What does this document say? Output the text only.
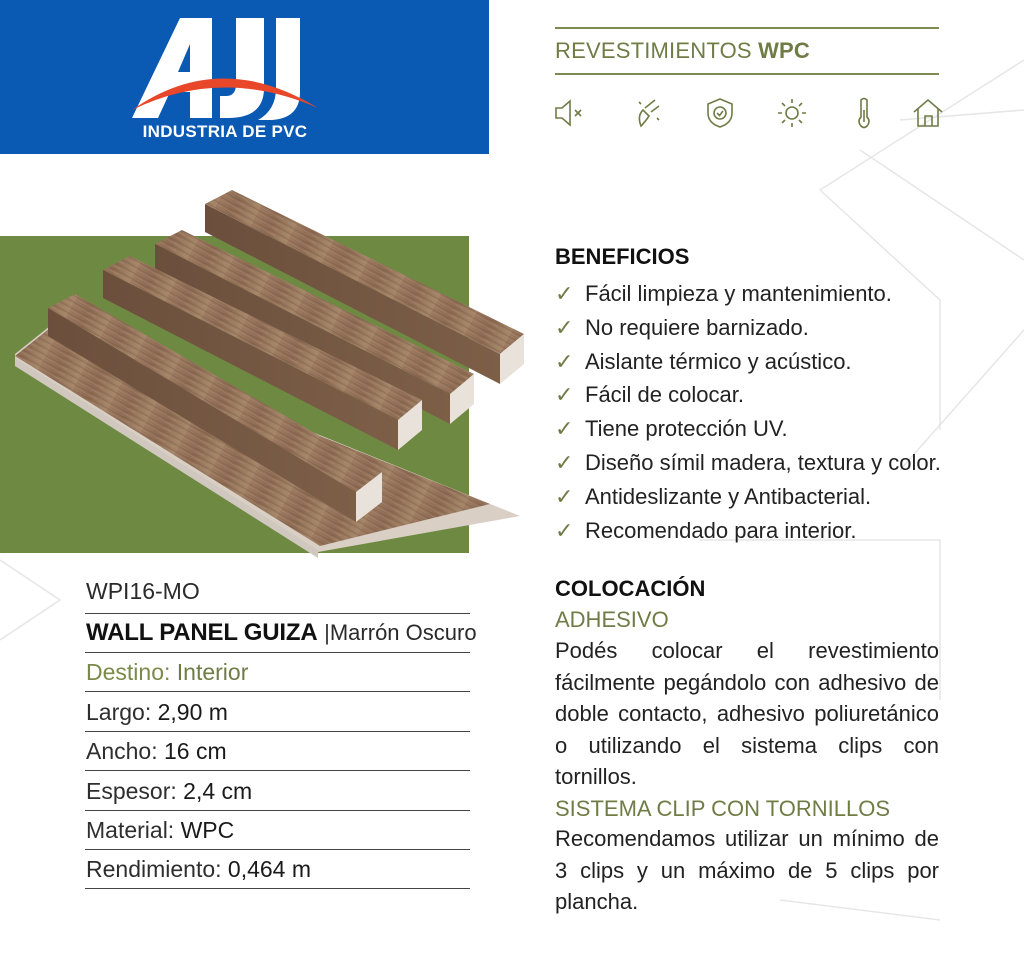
INDUSTRIA DE PVC
REVESTIMIENTOS WPC
WPI16-MO
WALL PANEL GUIZA |Marrón Oscuro
Destino: Interior
Largo: 2,90 m
Ancho: 16 cm
Espesor: 2,4 cm
Material: WPC
Rendimiento: 0,464 m
BENEFICIOS
✓ Fácil limpieza y mantenimiento.
✓ No requiere barnizado.
✓ Aislante térmico y acústico.
✓ Fácil de colocar.
✓ Tiene protección UV.
✓ Diseño símil madera, textura y color.
✓ Antideslizante y Antibacterial.
✓ Recomendado para interior.
COLOCACIÓN
ADHESIVO
Podés colocar el revestimiento fácilmente pegándolo con adhesivo de doble contacto, adhesivo poliuretánico o utilizando el sistema clips con tornillos.
SISTEMA CLIP CON TORNILLOS
Recomendamos utilizar un mínimo de 3 clips y un máximo de 5 clips por plancha.
